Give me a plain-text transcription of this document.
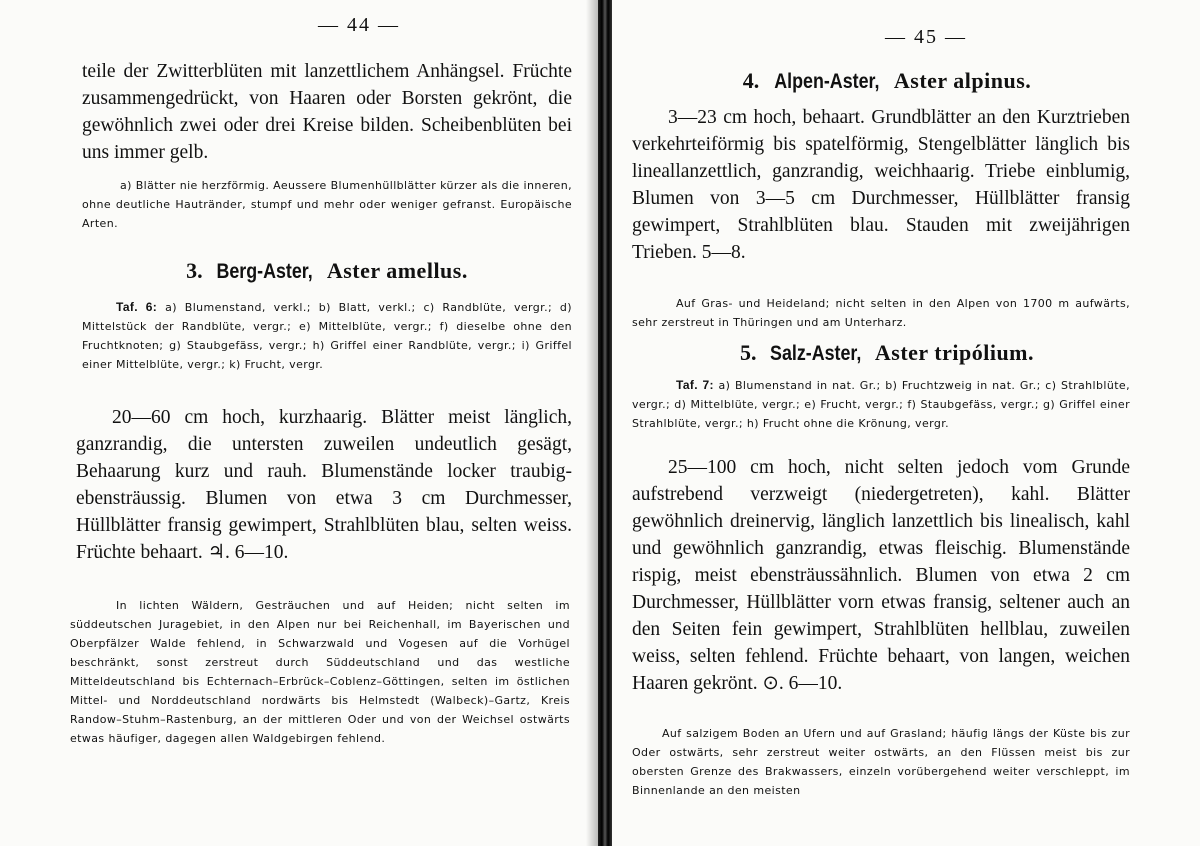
— 44 —

teile der Zwitterblüten mit lanzettlichem Anhängsel. Früchte zusammengedrückt, von Haaren oder Borsten gekrönt, die gewöhnlich zwei oder drei Kreise bilden. Scheibenblüten bei uns immer gelb.

a) Blätter nie herzförmig. Aeussere Blumenhüllblätter kürzer als die inneren, ohne deutliche Hautränder, stumpf und mehr oder weniger gefranst. Europäische Arten.

3. Berg-Aster, Aster amellus.

Taf. 6: a) Blumenstand, verkl.; b) Blatt, verkl.; c) Randblüte, vergr.; d) Mittelstück der Randblüte, vergr.; e) Mittelblüte, vergr.; f) dieselbe ohne den Fruchtknoten; g) Staubgefäss, vergr.; h) Griffel einer Randblüte, vergr.; i) Griffel einer Mittelblüte, vergr.; k) Frucht, vergr.

20—60 cm hoch, kurzhaarig. Blätter meist länglich, ganzrandig, die untersten zuweilen undeutlich gesägt, Behaarung kurz und rauh. Blumenstände locker traubig-ebensträussig. Blumen von etwa 3 cm Durchmesser, Hüllblätter fransig gewimpert, Strahlblüten blau, selten weiss. Früchte behaart. ♃. 6—10.

In lichten Wäldern, Gesträuchen und auf Heiden; nicht selten im süddeutschen Juragebiet, in den Alpen nur bei Reichenhall, im Bayerischen und Oberpfälzer Walde fehlend, in Schwarzwald und Vogesen auf die Vorhügel beschränkt, sonst zerstreut durch Süddeutschland und das westliche Mitteldeutschland bis Echternach–Erbrück–Coblenz–Göttingen, selten im östlichen Mittel- und Norddeutschland nordwärts bis Helmstedt (Walbeck)–Gartz, Kreis Randow–Stuhm–Rastenburg, an der mittleren Oder und von der Weichsel ostwärts etwas häufiger, dagegen allen Waldgebirgen fehlend.

— 45 —
4. Alpen-Aster, Aster alpinus.

3—23 cm hoch, behaart. Grundblätter an den Kurztrieben verkehrteiförmig bis spatelförmig, Stengelblätter länglich bis lineallanzettlich, ganzrandig, weichhaarig. Triebe einblumig, Blumen von 3—5 cm Durchmesser, Hüllblätter fransig gewimpert, Strahlblüten blau. Stauden mit zweijährigen Trieben. 5—8.

Auf Gras- und Heideland; nicht selten in den Alpen von 1700 m aufwärts, sehr zerstreut in Thüringen und am Unterharz.

5. Salz-Aster, Aster tripólium.

Taf. 7: a) Blumenstand in nat. Gr.; b) Fruchtzweig in nat. Gr.; c) Strahlblüte, vergr.; d) Mittelblüte, vergr.; e) Frucht, vergr.; f) Staubgefäss, vergr.; g) Griffel einer Strahlblüte, vergr.; h) Frucht ohne die Krönung, vergr.

25—100 cm hoch, nicht selten jedoch vom Grunde aufstrebend verzweigt (niedergetreten), kahl. Blätter gewöhnlich dreinervig, länglich lanzettlich bis linealisch, kahl und gewöhnlich ganzrandig, etwas fleischig. Blumenstände rispig, meist ebensträussähnlich. Blumen von etwa 2 cm Durchmesser, Hüllblätter vorn etwas fransig, seltener auch an den Seiten fein gewimpert, Strahlblüten hellblau, zuweilen weiss, selten fehlend. Früchte behaart, von langen, weichen Haaren gekrönt. ⊙. 6—10.

Auf salzigem Boden an Ufern und auf Grasland; häufig längs der Küste bis zur Oder ostwärts, sehr zerstreut weiter ostwärts, an den Flüssen meist bis zur obersten Grenze des Brakwassers, einzeln vorübergehend weiter verschleppt, im Binnenlande an den meisten
